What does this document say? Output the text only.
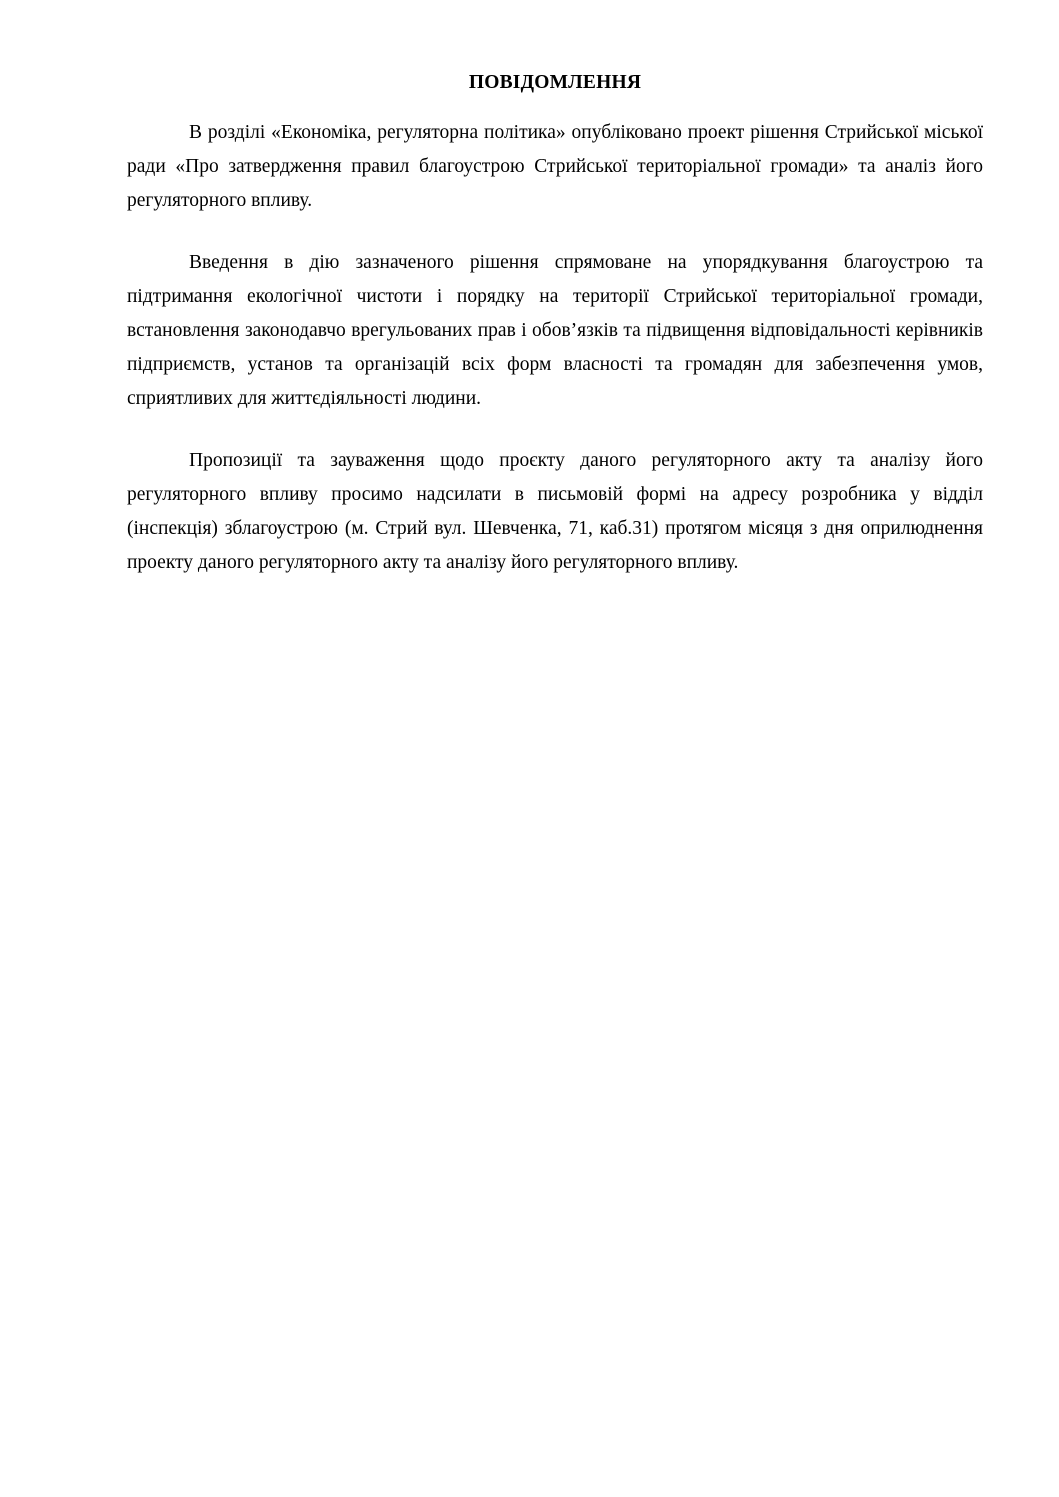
ПОВІДОМЛЕННЯ

В розділі «Економіка, регуляторна політика» опубліковано проект рішення Стрийської міської ради «Про затвердження правил благоустрою Стрийської територіальної громади» та аналіз його регуляторного впливу.

Введення в дію зазначеного рішення спрямоване на упорядкування благоустрою та підтримання екологічної чистоти і порядку на території Стрийської територіальної громади, встановлення законодавчо врегульованих прав і обов’язків та підвищення відповідальності керівників підприємств, установ та організацій всіх форм власності та громадян для забезпечення умов, сприятливих для життєдіяльності людини.

Пропозиції та зауваження щодо проєкту даного регуляторного акту та аналізу його регуляторного впливу просимо надсилати в письмовій формі на адресу розробника у відділ (інспекція) зблагоустрою (м. Стрий вул. Шевченка, 71, каб.31) протягом місяця з дня оприлюднення проекту даного регуляторного акту та аналізу його регуляторного впливу.
